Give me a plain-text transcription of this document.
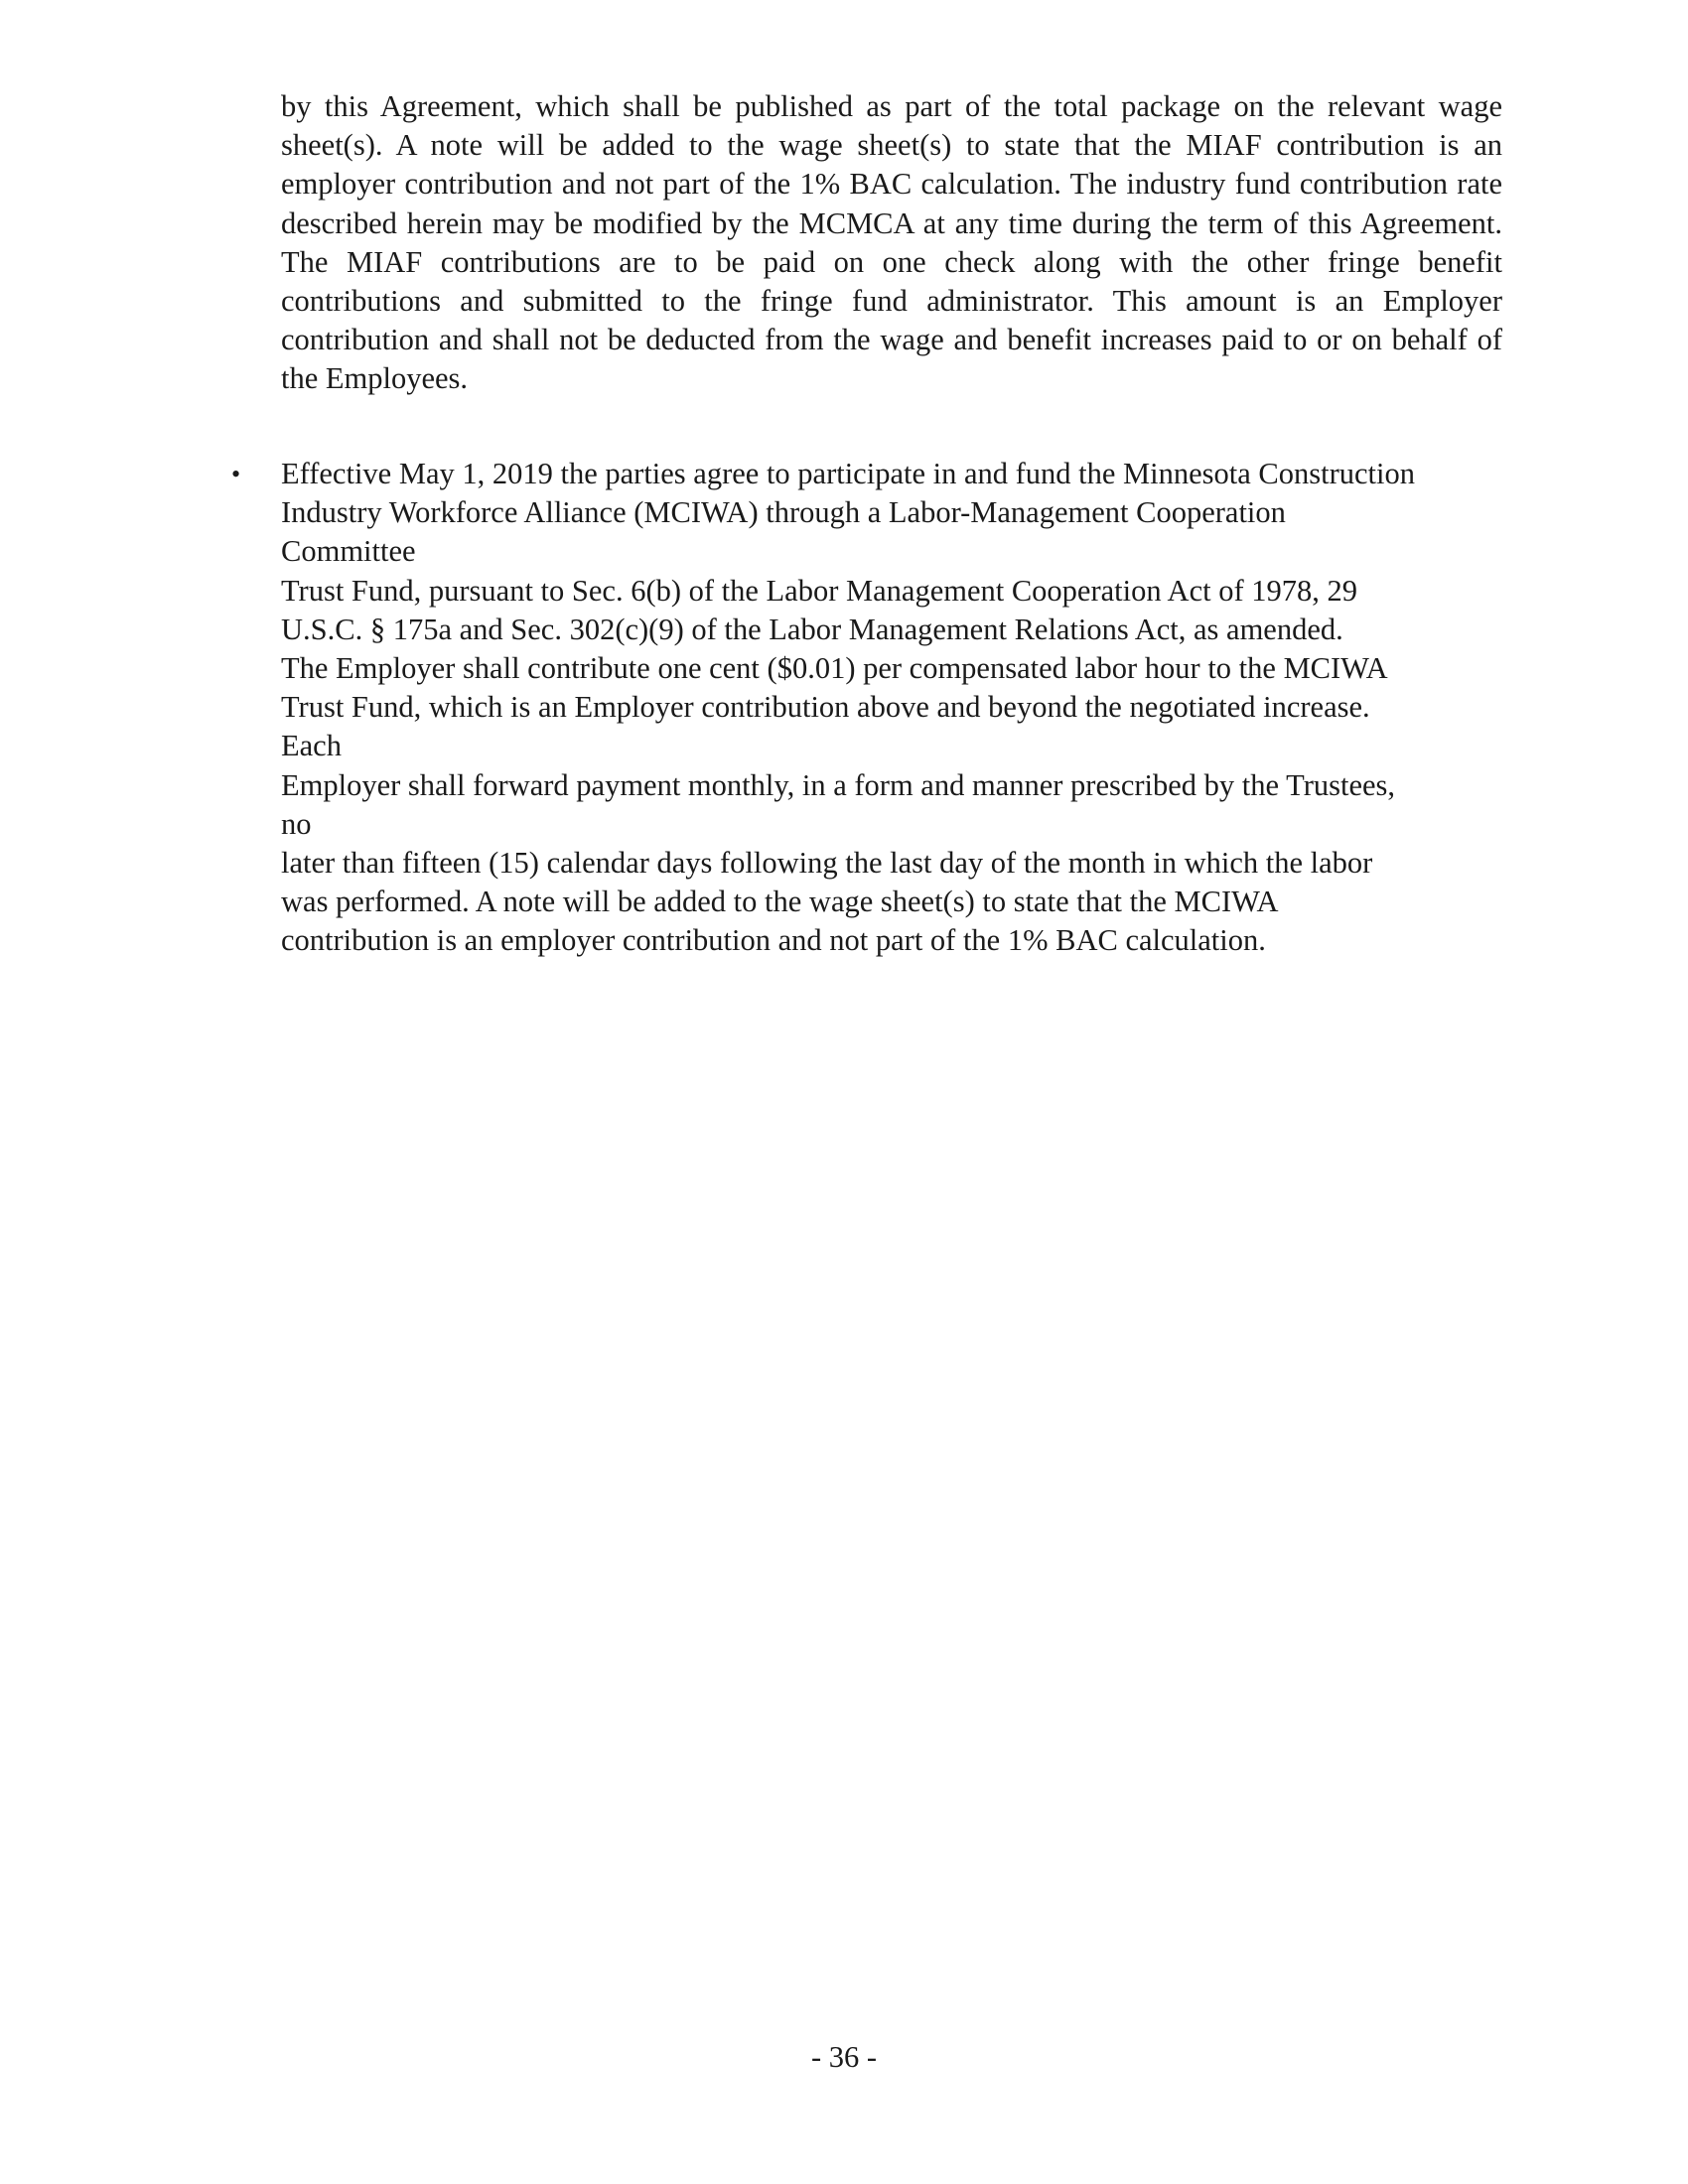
by this Agreement, which shall be published as part of the total package on the relevant wage sheet(s). A note will be added to the wage sheet(s) to state that the MIAF contribution is an employer contribution and not part of the 1% BAC calculation. The industry fund contribution rate described herein may be modified by the MCMCA at any time during the term of this Agreement. The MIAF contributions are to be paid on one check along with the other fringe benefit contributions and submitted to the fringe fund administrator. This amount is an Employer contribution and shall not be deducted from the wage and benefit increases paid to or on behalf of the Employees.

• Effective May 1, 2019 the parties agree to participate in and fund the Minnesota Construction
Industry Workforce Alliance (MCIWA) through a Labor-Management Cooperation
Committee
Trust Fund, pursuant to Sec. 6(b) of the Labor Management Cooperation Act of 1978, 29
U.S.C. § 175a and Sec. 302(c)(9) of the Labor Management Relations Act, as amended.
The Employer shall contribute one cent ($0.01) per compensated labor hour to the MCIWA
Trust Fund, which is an Employer contribution above and beyond the negotiated increase.
Each
Employer shall forward payment monthly, in a form and manner prescribed by the Trustees,
no
later than fifteen (15) calendar days following the last day of the month in which the labor
was performed. A note will be added to the wage sheet(s) to state that the MCIWA
contribution is an employer contribution and not part of the 1% BAC calculation.
- 36 -
